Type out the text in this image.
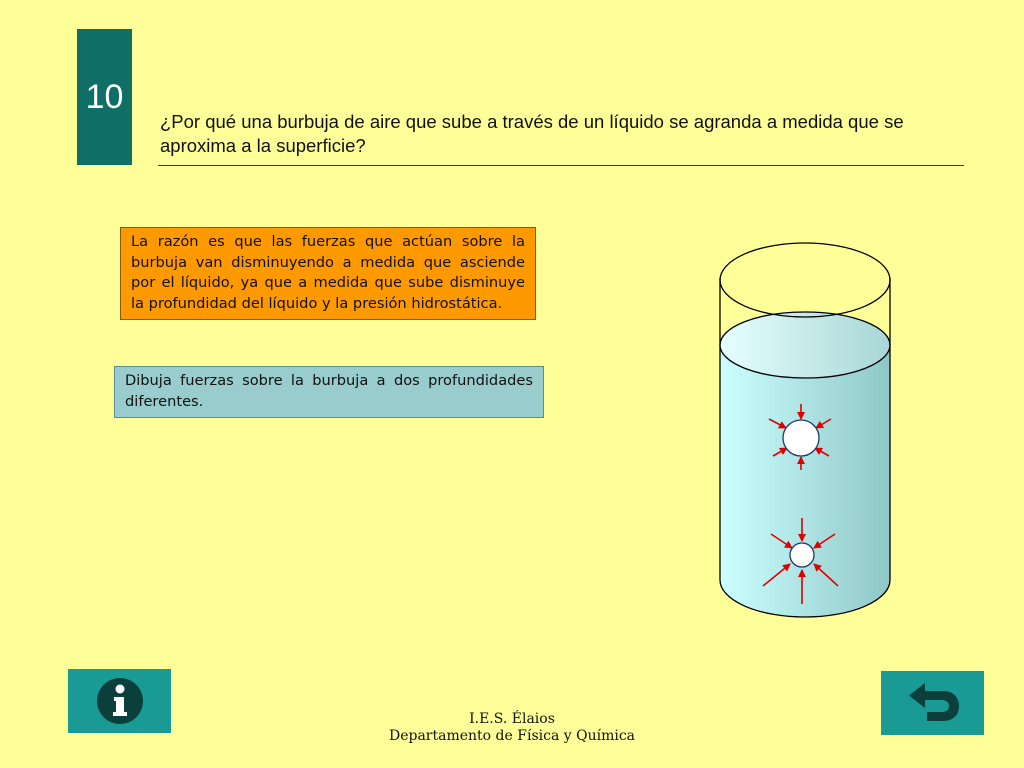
10
¿Por qué una burbuja de aire que sube a través de un líquido se agranda a medida que se aproxima a la superficie?
La razón es que las fuerzas que actúan sobre la burbuja van disminuyendo a medida que asciende por el líquido, ya que a medida que sube disminuye la profundidad del líquido y la presión hidrostática.
Dibuja fuerzas sobre la burbuja a dos profundidades diferentes.
I.E.S. Élaios
Departamento de Física y Química
